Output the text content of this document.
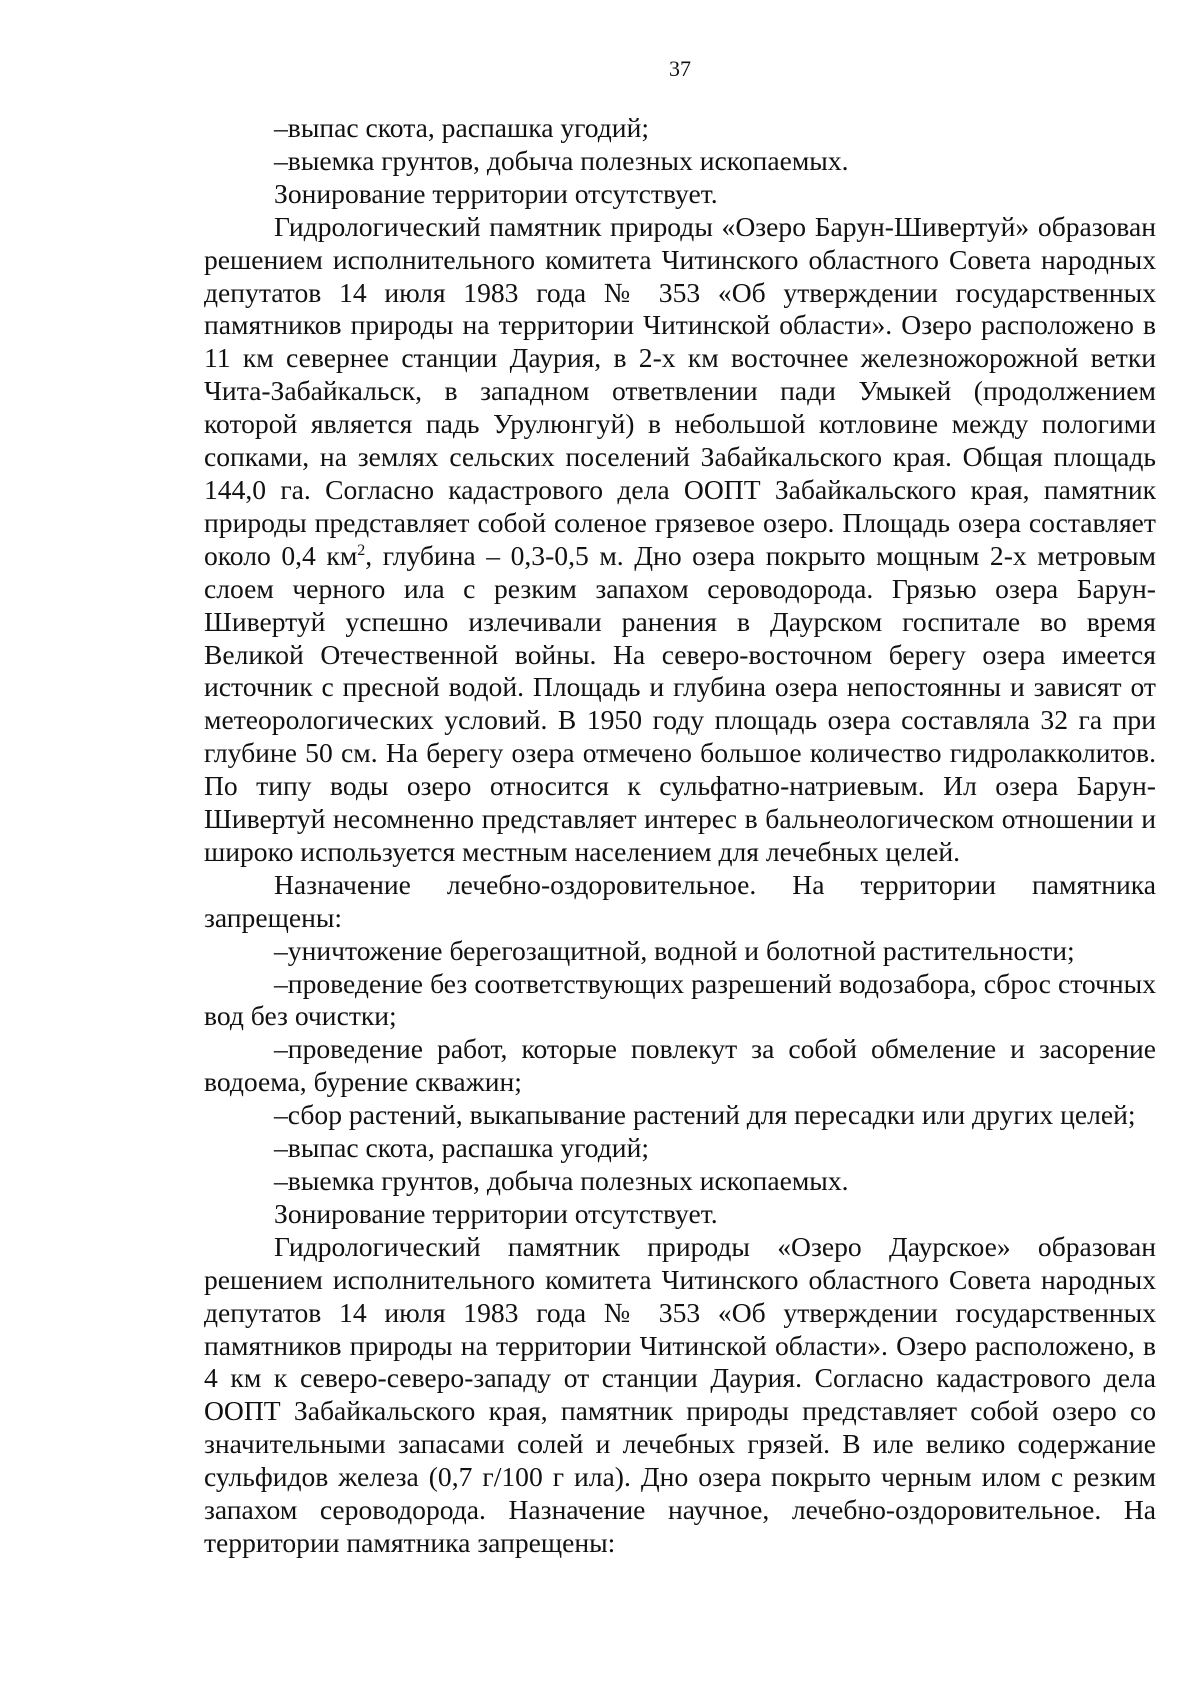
37

–выпас скота, распашка угодий;

–выемка грунтов, добыча полезных ископаемых.

Зонирование территории отсутствует.

Гидрологический памятник природы «Озеро Барун-Шивертуй» образован решением исполнительного комитета Читинского областного Совета народных депутатов 14 июля 1983 года № 353 «Об утверждении государственных памятников природы на территории Читинской области». Озеро расположено в 11 км севернее станции Даурия, в 2-х км восточнее железножорожной ветки Чита-Забайкальск, в западном ответвлении пади Умыкей (продолжением которой является падь Урулюнгуй) в небольшой котловине между пологими сопками, на землях сельских поселений Забайкальского края. Общая площадь 144,0 га. Согласно кадастрового дела ООПТ Забайкальского края, памятник природы представляет собой соленое грязевое озеро. Площадь озера составляет около 0,4 $км^2$, глубина – 0,3-0,5 м. Дно озера покрыто мощным 2-х метровым слоем черного ила с резким запахом сероводорода. Грязью озера Барун-Шивертуй успешно излечивали ранения в Даурском госпитале во время Великой Отечественной войны. На северо-восточном берегу озера имеется источник с пресной водой. Площадь и глубина озера непостоянны и зависят от метеорологических условий. В 1950 году площадь озера составляла 32 га при глубине 50 см. На берегу озера отмечено большое количество гидролакколитов. По типу воды озеро относится к сульфатно-натриевым. Ил озера Барун-Шивертуй несомненно представляет интерес в бальнеологическом отношении и широко используется местным населением для лечебных целей.

Назначение лечебно-оздоровительное. На территории памятника запрещены:

–уничтожение берегозащитной, водной и болотной растительности;

–проведение без соответствующих разрешений водозабора, сброс сточных вод без очистки;

–проведение работ, которые повлекут за собой обмеление и засорение водоема, бурение скважин;

–сбор растений, выкапывание растений для пересадки или других целей;

–выпас скота, распашка угодий;

–выемка грунтов, добыча полезных ископаемых.

Зонирование территории отсутствует.

Гидрологический памятник природы «Озеро Даурское» образован решением исполнительного комитета Читинского областного Совета народных депутатов 14 июля 1983 года № 353 «Об утверждении государственных памятников природы на территории Читинской области». Озеро расположено, в 4 км к северо-северо-западу от станции Даурия. Согласно кадастрового дела ООПТ Забайкальского края, памятник природы представляет собой озеро со значительными запасами солей и лечебных грязей. В иле велико содержание сульфидов железа (0,7 г/100 г ила). Дно озера покрыто черным илом с резким запахом сероводорода. Назначение научное, лечебно-оздоровительное. На территории памятника запрещены:
